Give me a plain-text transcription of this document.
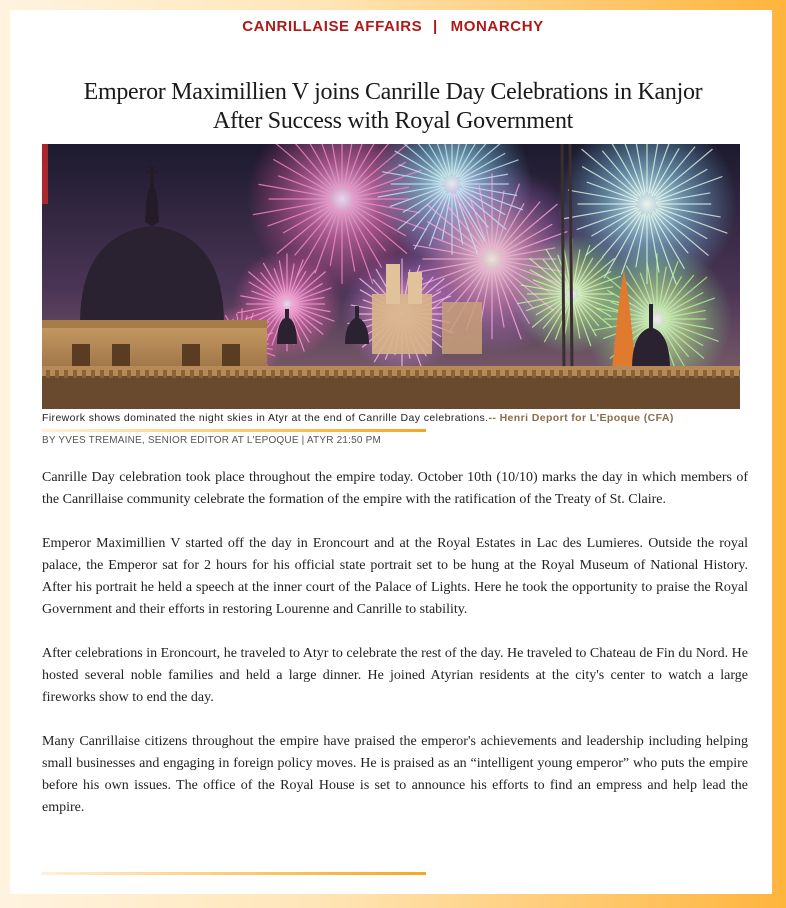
CANRILLAISE AFFAIRS | MONARCHY
Emperor Maximillien V joins Canrille Day Celebrations in Kanjor
After Success with Royal Government
Firework shows dominated the night skies in Atyr at the end of Canrille Day celebrations.-- Henri Deport for L'Epoque (CFA)
BY YVES TREMAINE, SENIOR EDITOR AT L'EPOQUE | ATYR 21:50 PM

Canrille Day celebration took place throughout the empire today. October 10th (10/10) marks the day in which members of the Canrillaise community celebrate the formation of the empire with the ratification of the Treaty of St. Claire.

Emperor Maximillien V started off the day in Eroncourt and at the Royal Estates in Lac des Lumieres. Outside the royal palace, the Emperor sat for 2 hours for his official state portrait set to be hung at the Royal Museum of National History. After his portrait he held a speech at the inner court of the Palace of Lights. Here he took the opportunity to praise the Royal Government and their efforts in restoring Lourenne and Canrille to stability.

After celebrations in Eroncourt, he traveled to Atyr to celebrate the rest of the day. He traveled to Chateau de Fin du Nord. He hosted several noble families and held a large dinner. He joined Atyrian residents at the city's center to watch a large fireworks show to end the day.

Many Canrillaise citizens throughout the empire have praised the emperor's achievements and leadership including helping small businesses and engaging in foreign policy moves. He is praised as an “intelligent young emperor” who puts the empire before his own issues. The office of the Royal House is set to announce his efforts to find an empress and help lead the empire.
